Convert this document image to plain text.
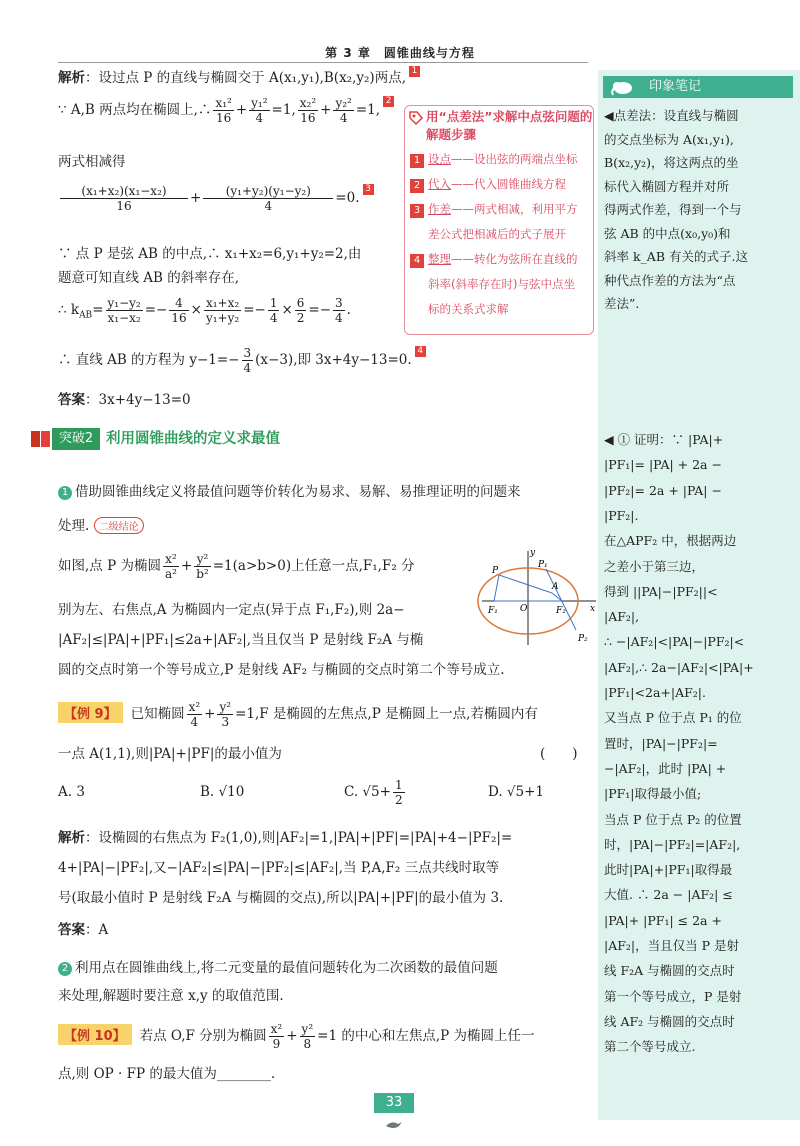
第 3 章　圆锥曲线与方程
解析：设过点 P 的直线与椭圆交于 A(x₁,y₁),B(x₂,y₂)两点, 1
∵ A,B 两点均在椭圆上,∴ $\frac{\text{x₁²}}{16} + \frac{\text{y₁²}}{4} =1$, $\frac{\text{x₂²}}{16} + \frac{\text{y₂²}}{4} =1,2$
两式相减得
$\frac{\text{(x₁+x₂)(x₁−x₂)}}{16} + \frac{\text{(y₁+y₂)(y₁−y₂)}}{4} =0.3$
∵ 点 P 是弦 AB 的中点,∴ x₁+x₂=6,y₁+y₂=2,由
题意可知直线 AB 的斜率存在,
∴ $k_{AB}= \frac{\text{y₁−y₂}}{\text{x₁−x₂}} =- \frac{4}{16} \times \frac{\text{x₁+x₂}}{\text{y₁+y₂}} =- \frac{1}{4} \times \frac{6}{2} =- \frac{3}{4}$ .
∴ 直线 AB 的方程为 $y-1=- \frac{3}{4} (x-3)$,即 3x+4y−13=0.4
答案：3x+4y−13=0
用“点差法”求解中点弦问题的解题步骤
1 设点——设出弦的两端点坐标
2 代入——代入圆锥曲线方程
3 作差——两式相减，利用平方
差公式把相减后的式子展开
4 整理——转化为弦所在直线的
斜率(斜率存在时)与弦中点坐
标的关系式求解
印象笔记
◀点差法：设直线与椭圆
的交点坐标为 A(x₁,y₁),
B(x₂,y₂)，将这两点的坐
标代入椭圆方程并对所
得两式作差，得到一个与
弦 AB 的中点(x₀,y₀)和
斜率 k_AB 有关的式子.这
种代点作差的方法为“点
差法”.
◀ ① 证明：∵ |PA|+
|PF₁|= |PA| + 2a −
|PF₂|= 2a + |PA| −
|PF₂|.
在△APF₂ 中，根据两边
之差小于第三边，
得到 ||PA|−|PF₂||<
|AF₂|,
∴ −|AF₂|<|PA|−|PF₂|<
|AF₂|,∴ 2a−|AF₂|<|PA|+
|PF₁|<2a+|AF₂|.
又当点 P 位于点 P₁ 的位
置时，|PA|−|PF₂|=
−|AF₂|，此时 |PA| +
|PF₁|取得最小值;
当点 P 位于点 P₂ 的位置
时，|PA|−|PF₂|=|AF₂|,
此时|PA|+|PF₁|取得最
大值. ∴ 2a − |AF₂| ≤
|PA|+ |PF₁| ≤ 2a +
|AF₂|，当且仅当 P 是射
线 F₂A 与椭圆的交点时
第一个等号成立，P 是射
线 AF₂ 与椭圆的交点时
第二个等号成立.
突破2 利用圆锥曲线的定义求最值
1 借助圆锥曲线定义将最值问题等价转化为易求、易解、易推理证明的问题来
处理. 二级结论
如图,点 P 为椭圆 $\frac{\text{x²}}{\text{a²}} + \frac{\text{y²}}{\text{b²}} =1(a>b>0)$上任意一点,F₁,F₂ 分
别为左、右焦点,A 为椭圆内一定点(异于点 F₁,F₂),则 2a−
|AF₂|≤|PA|+|PF₁|≤2a+|AF₂|,当且仅当 P 是射线 F₂A 与椭
圆的交点时第一个等号成立,P 是射线 AF₂ 与椭圆的交点时第二个等号成立.
y
x
O
P
P₁
P₂
A
F₁	F₂
【例 9】 已知椭圆 $\frac{\text{x²}}{4} + \frac{\text{y²}}{3} =1,F$ 是椭圆的左焦点,P 是椭圆上一点,若椭圆内有
一点 A(1,1),则|PA|+|PF|的最小值为	(　　)
A. 3	B. √10	C. $√5+ \frac{1}{2}$	D. √5+1
解析：设椭圆的右焦点为 F₂(1,0),则|AF₂|=1,|PA|+|PF|=|PA|+4−|PF₂|=
4+|PA|−|PF₂|,又−|AF₂|≤|PA|−|PF₂|≤|AF₂|,当 P,A,F₂ 三点共线时取等
号(取最小值时 P 是射线 F₂A 与椭圆的交点),所以|PA|+|PF|的最小值为 3.
答案：A
2 利用点在圆锥曲线上,将二元变量的最值问题转化为二次函数的最值问题
来处理,解题时要注意 x,y 的取值范围.
【例 10】 若点 O,F 分别为椭圆 $\frac{\text{x²}}{9} + \frac{\text{y²}}{8} =1$ 的中心和左焦点,P 为椭圆上任一
点,则 OP · FP 的最大值为________.
33
